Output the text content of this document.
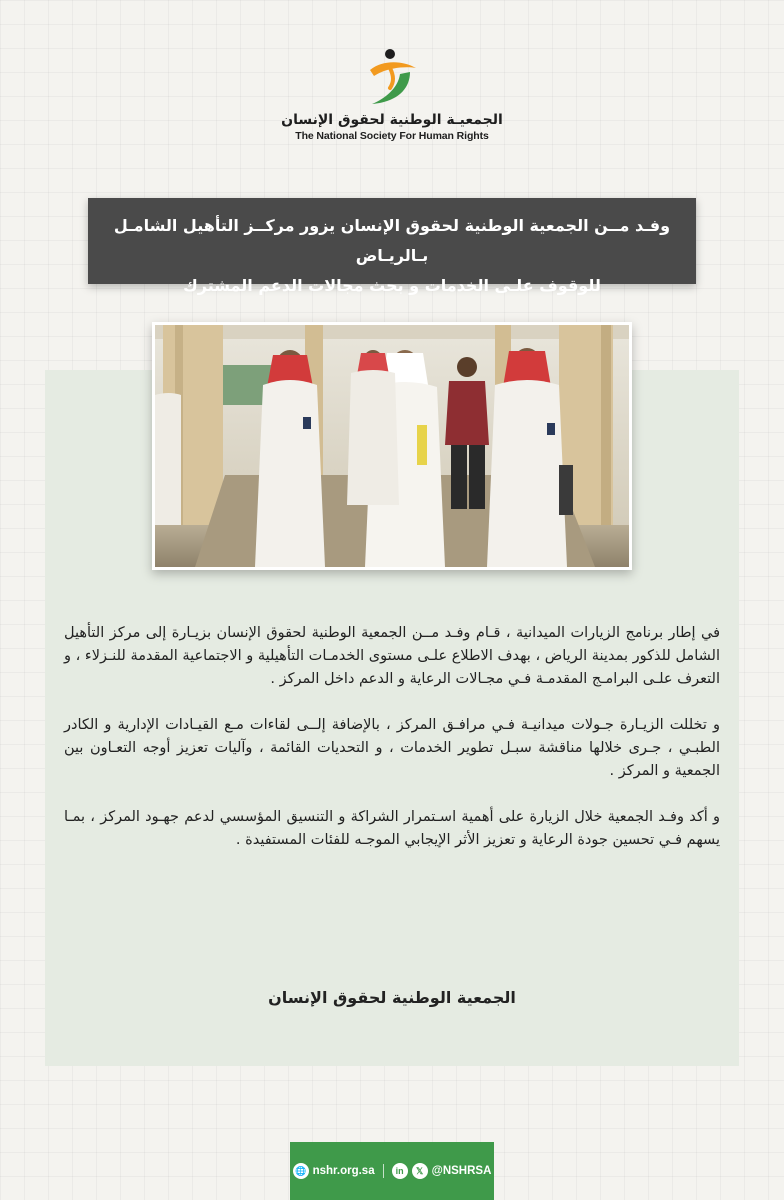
الجمعيـة الوطنية لحقوق الإنسان
The National Society For Human Rights
وفـد مــن الجمعية الوطنية لحقوق الإنسان يزور مركــز التأهيل الشامـل بـالريـاض
للوقوف علـى الخدمات و بحث مجالات الدعم المشترك

في إطار برنامج الزيارات الميدانية ، قـام وفـد مــن الجمعية الوطنية لحقوق الإنسان بزيـارة إلى مركز التأهيل الشامل للذكور بمدينة الرياض ، بهدف الاطلاع علـى مستوى الخدمـات التأهيلية و الاجتماعية المقدمة للنـزلاء ، و التعرف علـى البرامـج المقدمـة فـي مجـالات الرعاية و الدعم داخل المركز .

و تخللت الزيـارة جـولات ميدانيـة فـي مرافـق المركز ، بالإضافة إلــى لقاءات مـع القيـادات الإدارية و الكادر الطبـي ، جـرى خلالها مناقشة سبـل تطوير الخدمات ، و التحديات القائمة ، وآليات تعزيز أوجه التعـاون بين الجمعية و المركز .

و أكد وفـد الجمعية خلال الزيارة على أهمية اسـتمرار الشراكة و التنسيق المؤسسي لدعم جهـود المركز ، بمـا يسهم فـي تحسين جودة الرعاية و تعزيز الأثر الإيجابي الموجـه للفئات المستفيدة .

الجمعية الوطنية لحقوق الإنسان
🌐 nshr.org.sa	in	𝕏 @NSHRSA
